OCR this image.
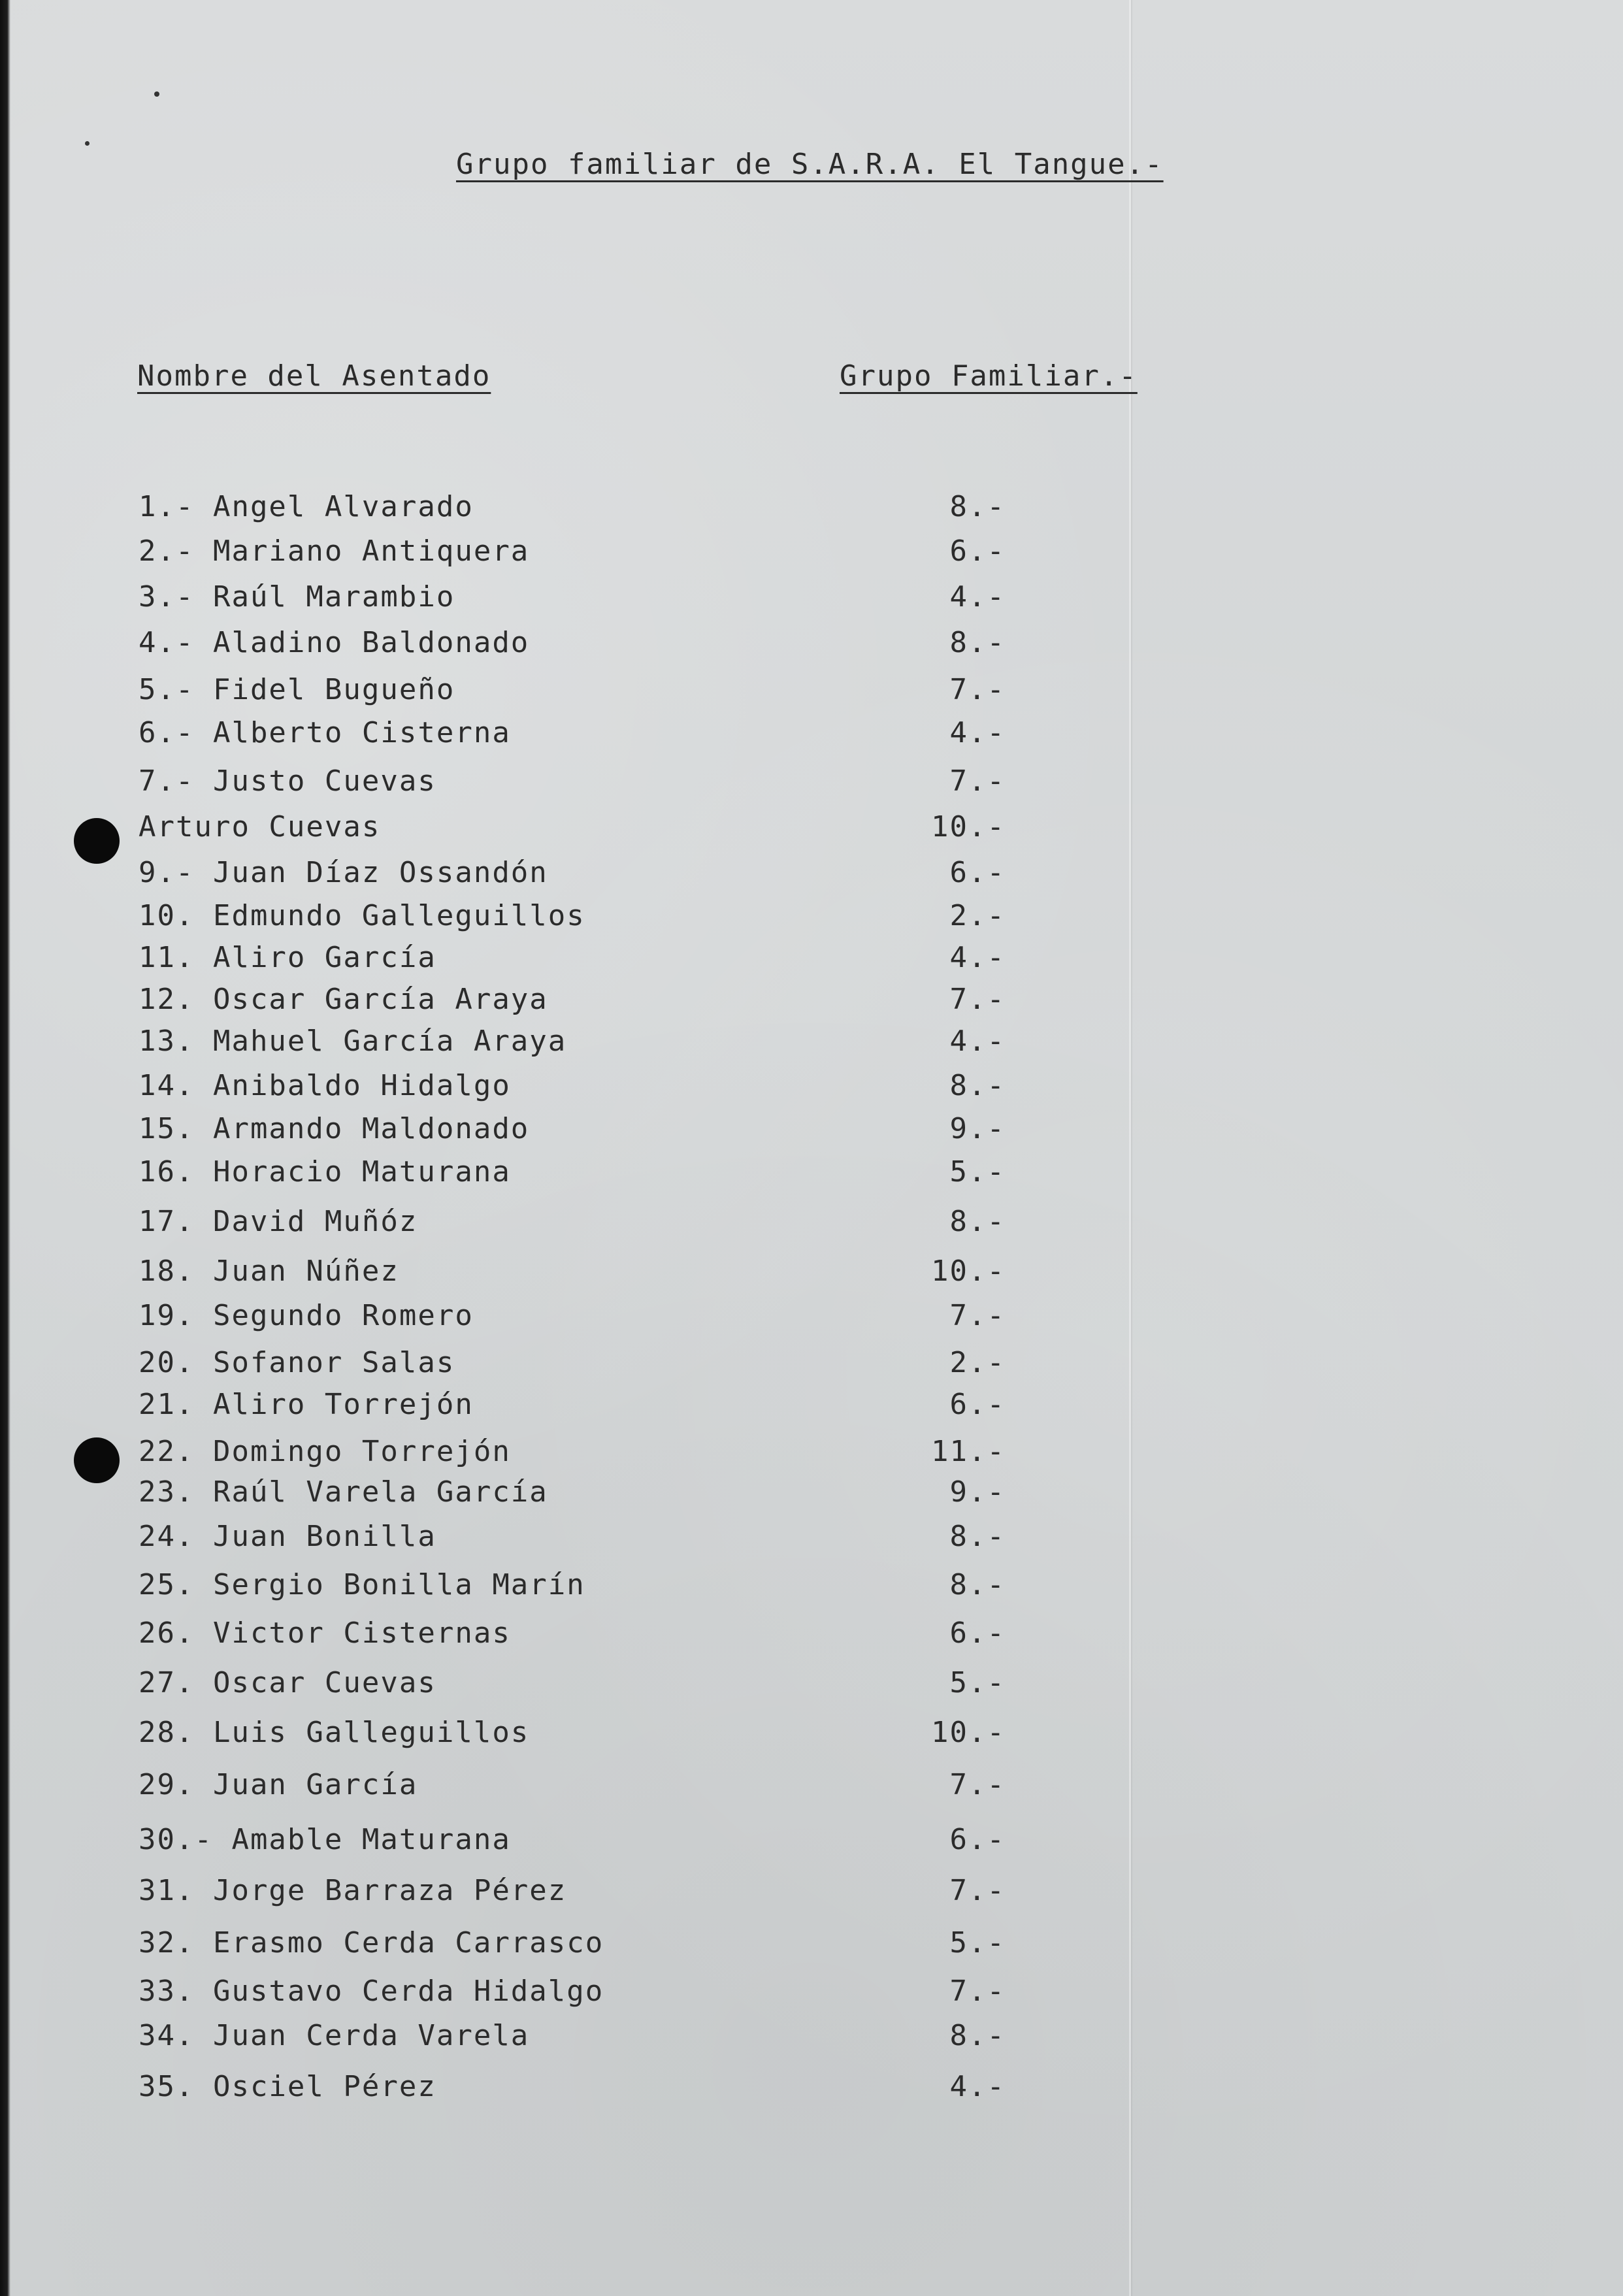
Grupo familiar de S.A.R.A. El Tangue.-
Nombre del Asentado	Grupo Familiar.-
1.- Angel Alvarado	8.-
2.- Mariano Antiquera	6.-
3.- Raúl Marambio	4.-
4.- Aladino Baldonado	8.-
5.- Fidel Bugueño	7.-
6.- Alberto Cisterna	4.-
7.- Justo Cuevas	7.-
Arturo Cuevas	10.-
9.- Juan Díaz Ossandón	6.-
10. Edmundo Galleguillos	2.-
11. Aliro García	4.-
12. Oscar García Araya	7.-
13. Mahuel García Araya	4.-
14. Anibaldo Hidalgo	8.-
15. Armando Maldonado	9.-
16. Horacio Maturana	5.-
17. David Muñóz	8.-
18. Juan Núñez	10.-
19. Segundo Romero	7.-
20. Sofanor Salas	2.-
21. Aliro Torrejón	6.-
22. Domingo Torrejón	11.-
23. Raúl Varela García	9.-
24. Juan Bonilla	8.-
25. Sergio Bonilla Marín	8.-
26. Victor Cisternas	6.-
27. Oscar Cuevas	5.-
28. Luis Galleguillos	10.-
29. Juan García	7.-
30.- Amable Maturana	6.-
31. Jorge Barraza Pérez	7.-
32. Erasmo Cerda Carrasco	5.-
33. Gustavo Cerda Hidalgo	7.-
34. Juan Cerda Varela	8.-
35. Osciel Pérez	4.-
